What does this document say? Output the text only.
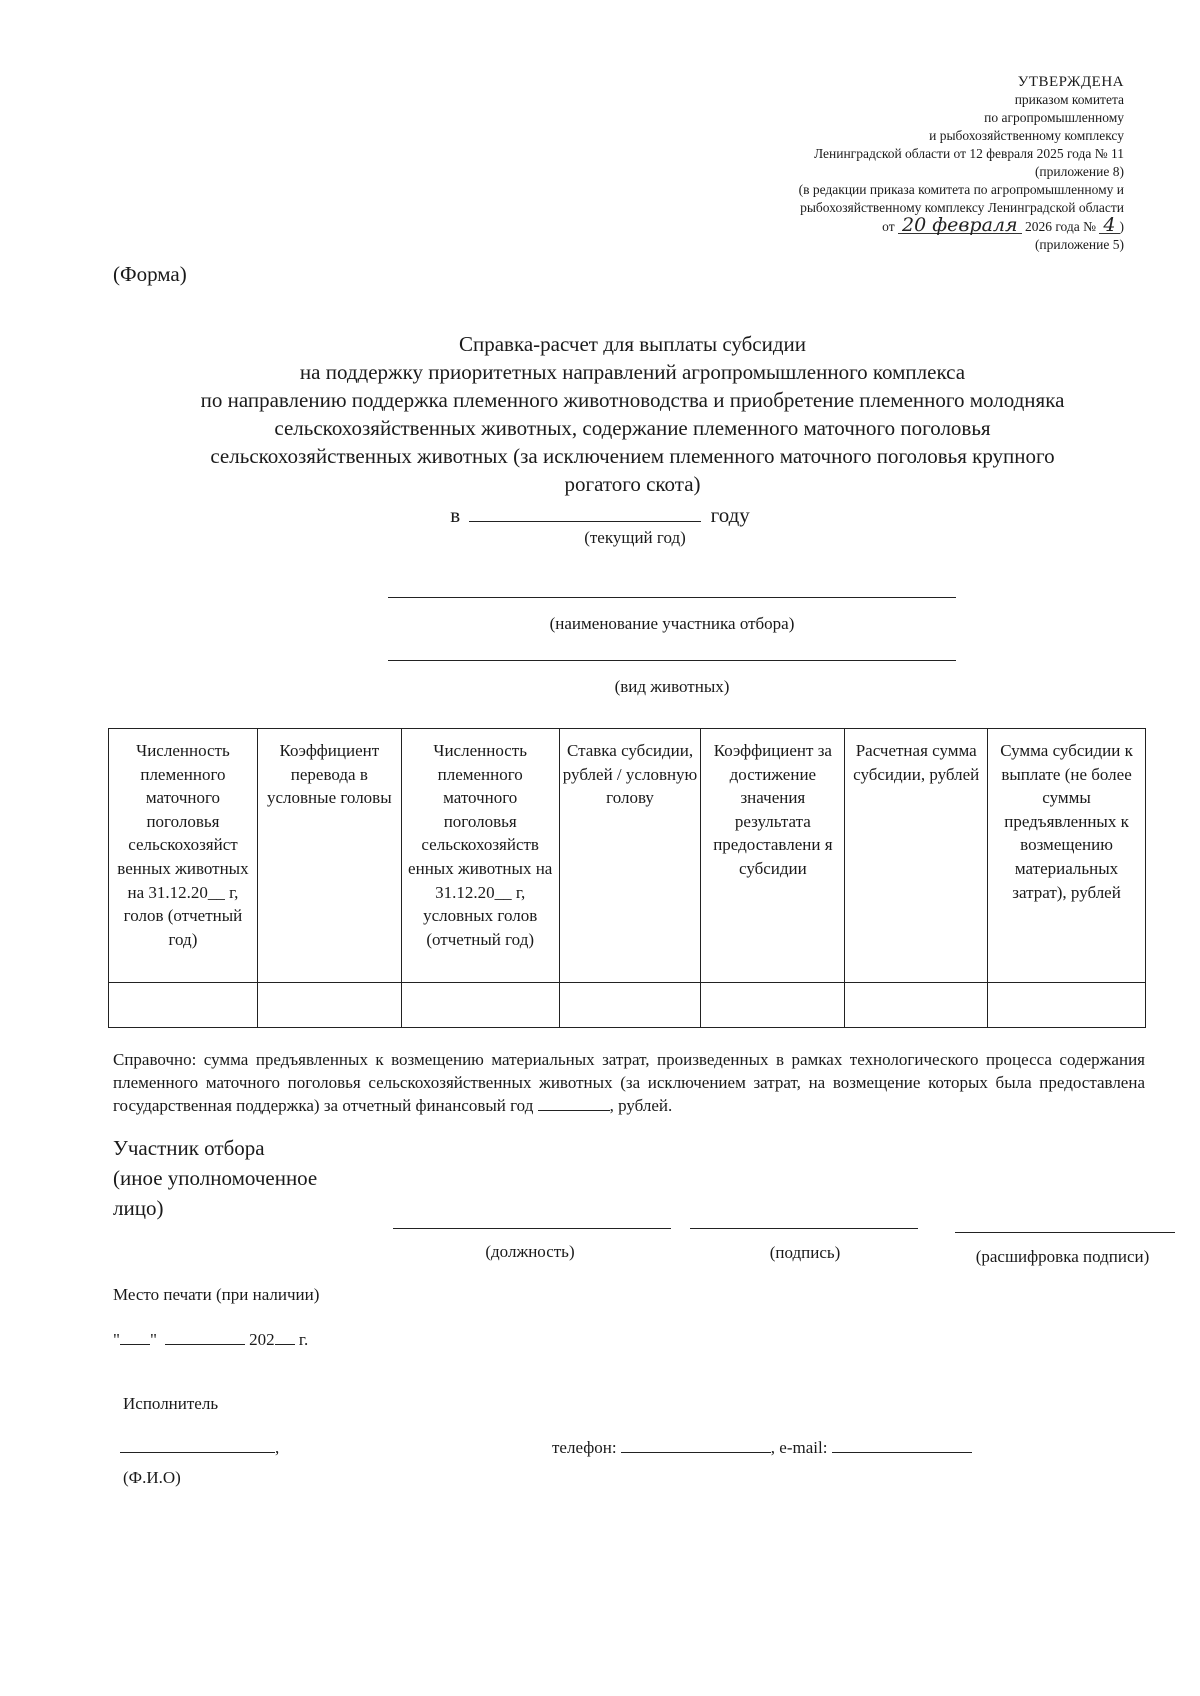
УТВЕРЖДЕНА
приказом комитета
по агропромышленному
и рыбохозяйственному комплексу
Ленинградской области от 12 февраля 2025 года № 11
(приложение 8)
(в редакции приказа комитета по агропромышленному и
рыбохозяйственному комплексу Ленинградской области
от 20 февраля 2026 года № 4 )
(приложение 5)
(Форма)
Справка-расчет для выплаты субсидии
на поддержку приоритетных направлений агропромышленного комплекса
по направлению поддержка племенного животноводства и приобретение племенного молодняка
сельскохозяйственных животных, содержание племенного маточного поголовья
сельскохозяйственных животных (за исключением племенного маточного поголовья крупного
рогатого скота)
в	году
(текущий год)
(наименование участника отбора)
(вид животных)
Численность племенного маточного поголовья сельскохозяйст венных животных на 31.12.20__ г, голов (отчетный год)	Коэффициент перевода в условные головы	Численность племенного маточного поголовья сельскохозяйств енных животных на 31.12.20__ г, условных голов (отчетный год)	Ставка субсидии, рублей / условную голову	Коэффициент за достижение значения результата предоставлени я субсидии	Расчетная сумма субсидии, рублей	Сумма субсидии к выплате (не более суммы предъявленных к возмещению материальных затрат), рублей

Справочно: сумма предъявленных к возмещению материальных затрат, произведенных в рамках технологического процесса содержания племенного маточного поголовья сельскохозяйственных животных (за исключением затрат, на возмещение которых была предоставлена государственная поддержка) за отчетный финансовый год	, рублей.
Участник отбора
(иное уполномоченное
лицо)
(должность)	(подпись)	(расшифровка подписи)
Место печати (при наличии)
" "	202 г.
Исполнитель
,
(Ф.И.О)
телефон:	, e-mail:
